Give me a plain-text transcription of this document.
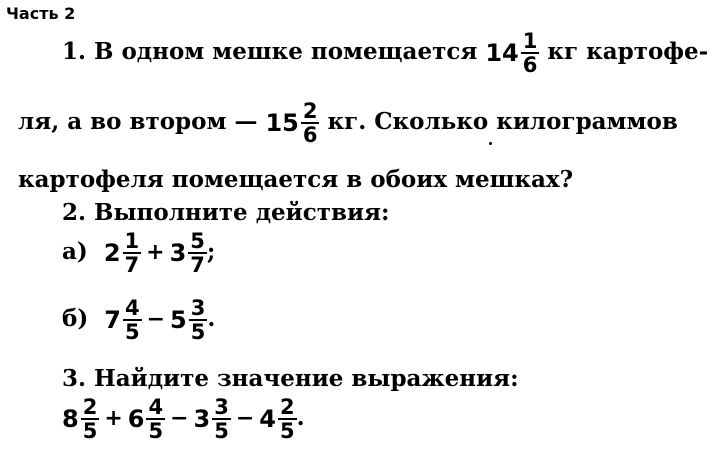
Часть 2
1. В одном мешке помещается $14 \frac{1}{6}$ кг картофе-
ля, а во втором — $15 \frac{2}{6}$ кг. Сколько килограммов
картофеля помещается в обоих мешках?
2. Выполните действия:
а) $2 \frac{1}{7} + 3 \frac{5}{7}$ ;
б) $7 \frac{4}{5} - 5 \frac{3}{5}$ .
3. Найдите значение выражения:
$8 \frac{2}{5} + 6 \frac{4}{5} - 3 \frac{3}{5} - 4 \frac{2}{5}$ .
